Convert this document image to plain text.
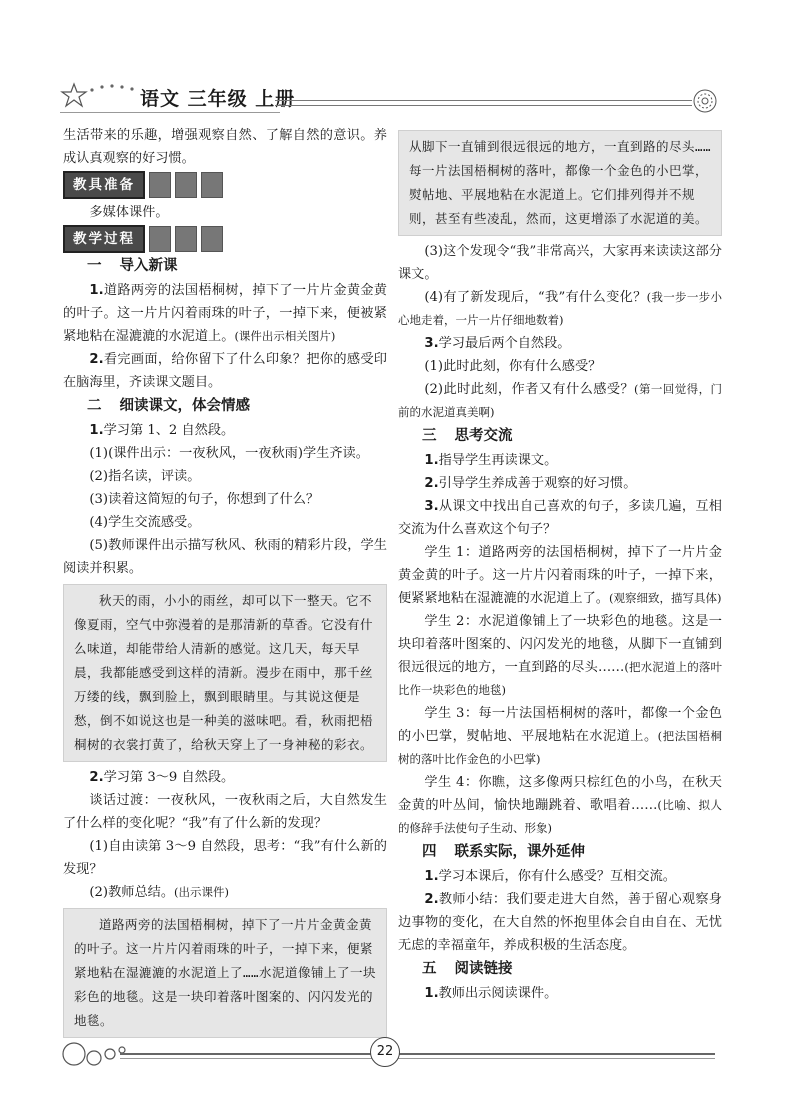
语文 三年级 上册

生活带来的乐趣，增强观察自然、了解自然的意识。养成认真观察的好习惯。

教具准备

多媒体课件。

教学过程
一 导入新课

1.道路两旁的法国梧桐树，掉下了一片片金黄金黄的叶子。这一片片闪着雨珠的叶子，一掉下来，便被紧紧地粘在湿漉漉的水泥道上。(课件出示相关图片)

2.看完画面，给你留下了什么印象？把你的感受印在脑海里，齐读课文题目。

二 细读课文，体会情感

1.学习第 1、2 自然段。

(1)(课件出示：一夜秋风，一夜秋雨)学生齐读。

(2)指名读，评读。

(3)读着这简短的句子，你想到了什么？

(4)学生交流感受。

(5)教师课件出示描写秋风、秋雨的精彩片段，学生阅读并积累。

秋天的雨，小小的雨丝，却可以下一整天。它不像夏雨，空气中弥漫着的是那清新的草香。它没有什么味道，却能带给人清新的感觉。这几天，每天早晨，我都能感受到这样的清新。漫步在雨中，那千丝万缕的线，飘到脸上，飘到眼睛里。与其说这便是愁，倒不如说这也是一种美的滋味吧。看，秋雨把梧桐树的衣裳打黄了，给秋天穿上了一身神秘的彩衣。

2.学习第 3～9 自然段。

谈话过渡：一夜秋风，一夜秋雨之后，大自然发生了什么样的变化呢？“我”有了什么新的发现？

(1)自由读第 3～9 自然段，思考：“我”有什么新的发现？

(2)教师总结。(出示课件)

道路两旁的法国梧桐树，掉下了一片片金黄金黄的叶子。这一片片闪着雨珠的叶子，一掉下来，便紧紧地粘在湿漉漉的水泥道上了……水泥道像铺上了一块彩色的地毯。这是一块印着落叶图案的、闪闪发光的地毯。

从脚下一直铺到很远很远的地方，一直到路的尽头……每一片法国梧桐树的落叶，都像一个金色的小巴掌，熨帖地、平展地粘在水泥道上。它们排列得并不规则，甚至有些凌乱，然而，这更增添了水泥道的美。

(3)这个发现令“我”非常高兴，大家再来读读这部分课文。

(4)有了新发现后，“我”有什么变化？(我一步一步小心地走着，一片一片仔细地数着)

3.学习最后两个自然段。

(1)此时此刻，你有什么感受？

(2)此时此刻，作者又有什么感受？(第一回觉得，门前的水泥道真美啊)

三 思考交流

1.指导学生再读课文。

2.引导学生养成善于观察的好习惯。

3.从课文中找出自己喜欢的句子，多读几遍，互相交流为什么喜欢这个句子？

学生 1：道路两旁的法国梧桐树，掉下了一片片金黄金黄的叶子。这一片片闪着雨珠的叶子，一掉下来，便紧紧地粘在湿漉漉的水泥道上了。(观察细致，描写具体)

学生 2：水泥道像铺上了一块彩色的地毯。这是一块印着落叶图案的、闪闪发光的地毯，从脚下一直铺到很远很远的地方，一直到路的尽头……(把水泥道上的落叶比作一块彩色的地毯)

学生 3：每一片法国梧桐树的落叶，都像一个金色的小巴掌，熨帖地、平展地粘在水泥道上。(把法国梧桐树的落叶比作金色的小巴掌)

学生 4：你瞧，这多像两只棕红色的小鸟，在秋天金黄的叶丛间，愉快地蹦跳着、歌唱着……(比喻、拟人的修辞手法使句子生动、形象)

四 联系实际，课外延伸

1.学习本课后，你有什么感受？互相交流。

2.教师小结：我们要走进大自然，善于留心观察身边事物的变化，在大自然的怀抱里体会自由自在、无忧无虑的幸福童年，养成积极的生活态度。

五 阅读链接

1.教师出示阅读课件。

22
